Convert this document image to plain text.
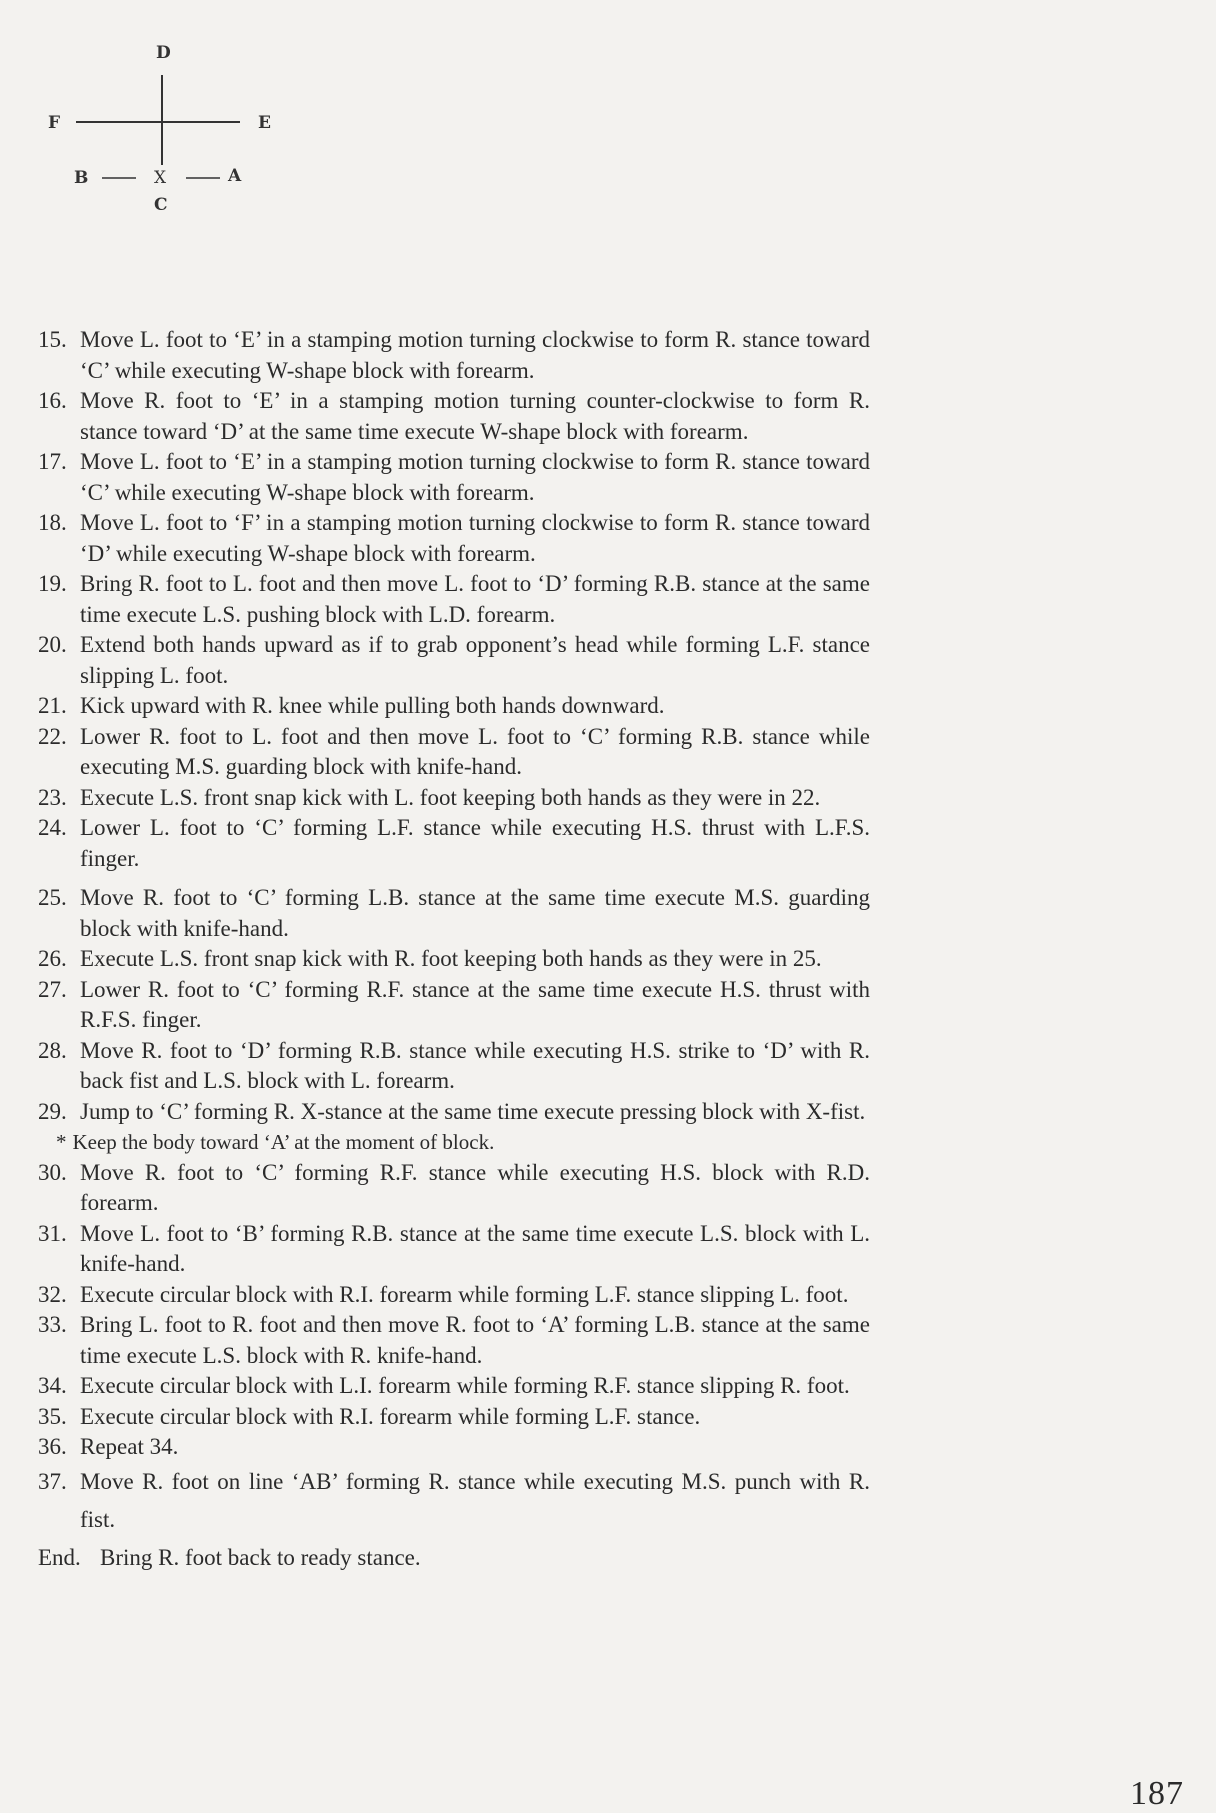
D
F	E
B	X	A
C
15. Move L. foot to ‘E’ in a stamping motion turning clockwise to form R. stance toward ‘C’ while executing W-shape block with forearm.
16. Move R. foot to ‘E’ in a stamping motion turning counter-clockwise to form R. stance toward ‘D’ at the same time execute W-shape block with forearm.
17. Move L. foot to ‘E’ in a stamping motion turning clockwise to form R. stance toward ‘C’ while executing W-shape block with forearm.
18. Move L. foot to ‘F’ in a stamping motion turning clockwise to form R. stance toward ‘D’ while executing W-shape block with forearm.
19. Bring R. foot to L. foot and then move L. foot to ‘D’ forming R.B. stance at the same time execute L.S. pushing block with L.D. forearm.
20. Extend both hands upward as if to grab opponent’s head while forming L.F. stance slipping L. foot.
21. Kick upward with R. knee while pulling both hands downward.
22. Lower R. foot to L. foot and then move L. foot to ‘C’ forming R.B. stance while executing M.S. guarding block with knife-hand.
23. Execute L.S. front snap kick with L. foot keeping both hands as they were in 22.
24. Lower L. foot to ‘C’ forming L.F. stance while executing H.S. thrust with L.F.S. finger.
25. Move R. foot to ‘C’ forming L.B. stance at the same time execute M.S. guarding block with knife-hand.
26. Execute L.S. front snap kick with R. foot keeping both hands as they were in 25.
27. Lower R. foot to ‘C’ forming R.F. stance at the same time execute H.S. thrust with R.F.S. finger.
28. Move R. foot to ‘D’ forming R.B. stance while executing H.S. strike to ‘D’ with R. back fist and L.S. block with L. forearm.
29. Jump to ‘C’ forming R. X-stance at the same time execute pressing block with X-fist.
* Keep the body toward ‘A’ at the moment of block.
30. Move R. foot to ‘C’ forming R.F. stance while executing H.S. block with R.D. forearm.
31. Move L. foot to ‘B’ forming R.B. stance at the same time execute L.S. block with L. knife-hand.
32. Execute circular block with R.I. forearm while forming L.F. stance slipping L. foot.
33. Bring L. foot to R. foot and then move R. foot to ‘A’ forming L.B. stance at the same time execute L.S. block with R. knife-hand.
34. Execute circular block with L.I. forearm while forming R.F. stance slipping R. foot.
35. Execute circular block with R.I. forearm while forming L.F. stance.
36. Repeat 34.
37. Move R. foot on line ‘AB’ forming R. stance while executing M.S. punch with R. fist.
End. Bring R. foot back to ready stance.
187
